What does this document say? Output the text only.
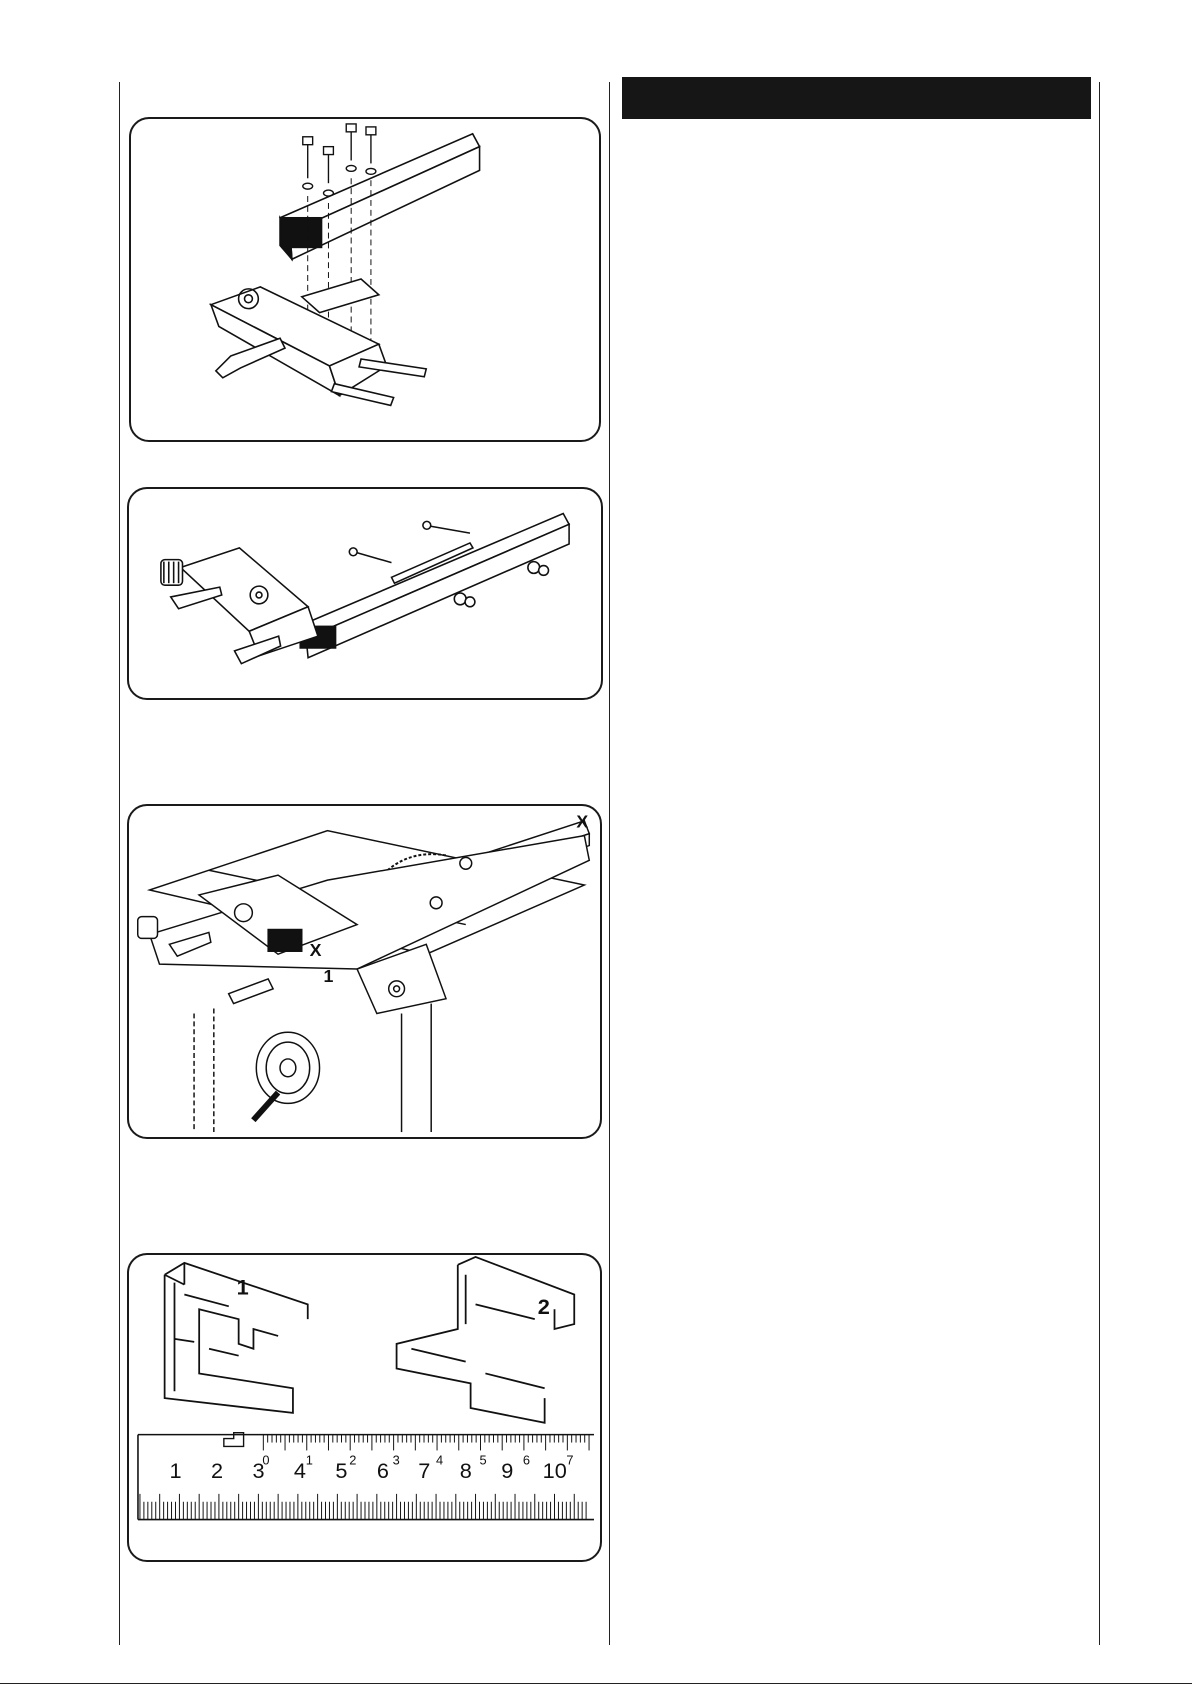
X
X
1
1
2
1 2 3 4 5 6 7 8 9 10
0	1	2	3	4	5	6	7
